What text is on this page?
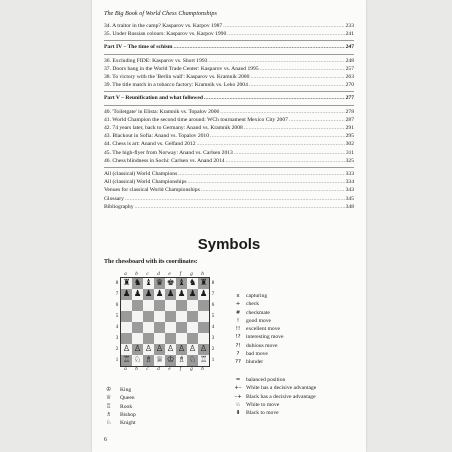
The Big Book of World Chess Championships
34. A traitor in the camp? Kasparov vs. Karpov 1987 .....	233
35. Under Russian colours: Kasparov vs. Karpov 1990 .....	241
Part IV – The time of schism .....	247
36. Excluding FIDE: Kasparov vs. Short 1993 .....	248
37. Doors bang in the World Trade Center: Kasparov vs. Anand 1995 .....	257
38. To victory with the 'Berlin wall': Kasparov vs. Kramnik 2000 .....	263
39. The title match in a tobacco factory: Kramnik vs. Leko 2004 .....	270
Part V – Reunification and what followed .....	277
40. 'Toiletgate' in Elista: Kramnik vs. Topalov 2006 .....	278
41. World Champion the second time around: WCh tournament Mexico City 2007 .....	287
42. 74 years later, back to Germany: Anand vs. Kramnik 2008 .....	291
43. Blackout in Sofia: Anand vs. Topalov 2010 .....	295
44. Chess is art: Anand vs. Gelfand 2012 .....	302
45. The high-flyer from Norway: Anand vs. Carlsen 2013 .....	311
46. Chess blindness in Sochi: Carlsen vs. Anand 2014 .....	325
All (classical) World Champions .....	333
All (classical) World Championships .....	334
Venues for classical World Championships .....	343
Glossary .....	345
Bibliography .....	348
Symbols
The chessboard with its coordinates:
a	b	c	d	e	f	g	h
8
7
6
5
4
3
2
1
♜ ♞ ♝ ♛ ♚ ♝ ♞ ♜
♟ ♟ ♟ ♟ ♟ ♟ ♟ ♟
♙ ♙ ♙ ♙ ♙ ♙ ♙ ♙
♖ ♘ ♗ ♕ ♔ ♗ ♘ ♖
8
7
6
5
4
3
2
1
a	b	c	d	e	f	g	h
x	capturing
+	check
#	checkmate
!	good move
!!	excellent move
!? interesting move
?! dubious move
?	bad move
?? blunder
=	balanced position
+– White has a decisive advantage
–+ Black has a decisive advantage
♘ White to move
⬇	Black to move
♔	King
♕	Queen
♖	Rook
♗	Bishop
♘	Knight
6
